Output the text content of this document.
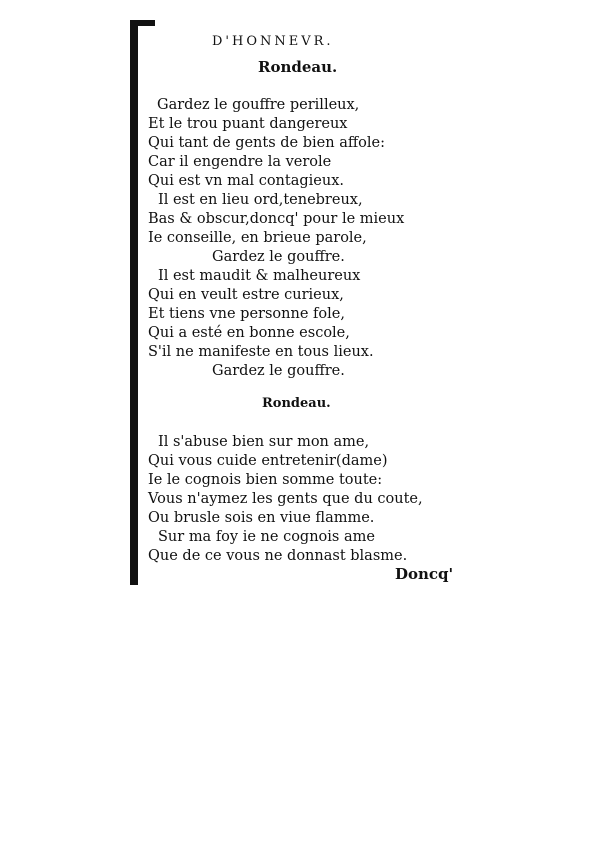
D'HONNEVR.
Rondeau.
Gardez le gouffre perilleux,
Et le trou puant dangereux
Qui tant de gents de bien affole:
Car il engendre la verole
Qui est vn mal contagieux.
Il est en lieu ord,tenebreux,
Bas & obscur,doncq' pour le mieux
Ie conseille, en brieue parole,
Gardez le gouffre.
Il est maudit & malheureux
Qui en veult estre curieux,
Et tiens vne personne fole,
Qui a esté en bonne escole,
S'il ne manifeste en tous lieux.
Gardez le gouffre.
Rondeau.
Il s'abuse bien sur mon ame,
Qui vous cuide entretenir(dame)
Ie le cognois bien somme toute:
Vous n'aymez les gents que du coute,
Ou brusle sois en viue flamme.
Sur ma foy ie ne cognois ame
Que de ce vous ne donnast blasme.
Doncq'
